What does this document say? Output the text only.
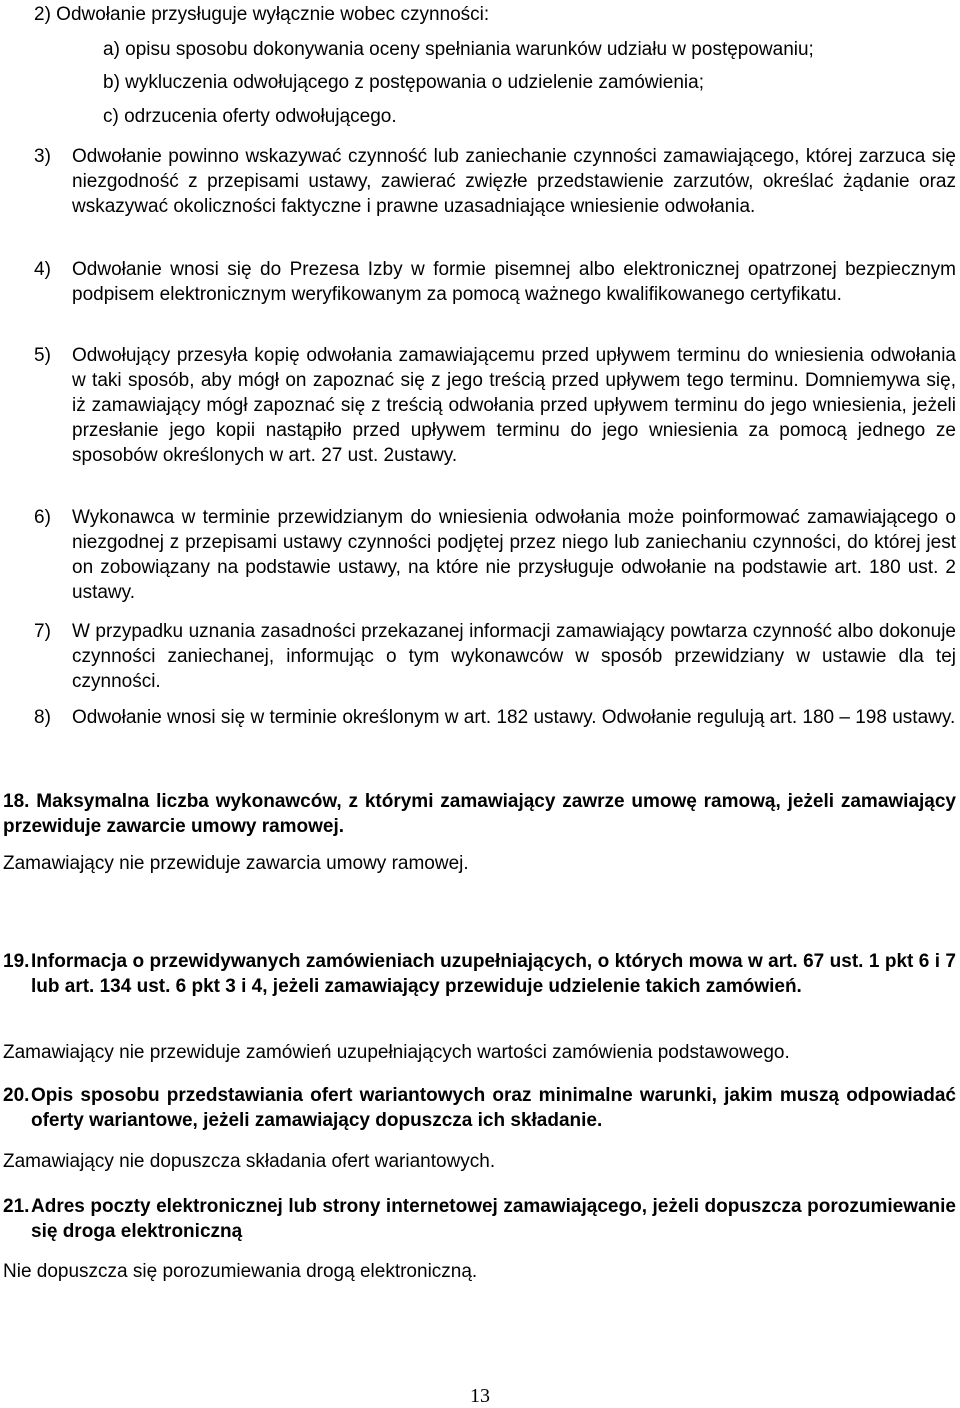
2) Odwołanie przysługuje wyłącznie wobec czynności:
a) opisu sposobu dokonywania oceny spełniania warunków udziału w postępowaniu;
b) wykluczenia odwołującego z postępowania o udzielenie zamówienia;
c) odrzucenia oferty odwołującego.
3) Odwołanie powinno wskazywać czynność lub zaniechanie czynności zamawiającego, której zarzuca się niezgodność z przepisami ustawy, zawierać zwięzłe przedstawienie zarzutów, określać żądanie oraz wskazywać okoliczności faktyczne i prawne uzasadniające wniesienie odwołania.
4) Odwołanie wnosi się do Prezesa Izby w formie pisemnej albo elektronicznej opatrzonej bezpiecznym podpisem elektronicznym weryfikowanym za pomocą ważnego kwalifikowanego certyfikatu.
5) Odwołujący przesyła kopię odwołania zamawiającemu przed upływem terminu do wniesienia odwołania w taki sposób, aby mógł on zapoznać się z jego treścią przed upływem tego terminu. Domniemywa się, iż zamawiający mógł zapoznać się z treścią odwołania przed upływem terminu do jego wniesienia, jeżeli przesłanie jego kopii nastąpiło przed upływem terminu do jego wniesienia za pomocą jednego ze sposobów określonych w art. 27 ust. 2ustawy.
6) Wykonawca w terminie przewidzianym do wniesienia odwołania może poinformować zamawiającego o niezgodnej z przepisami ustawy czynności podjętej przez niego lub zaniechaniu czynności, do której jest on zobowiązany na podstawie ustawy, na które nie przysługuje odwołanie na podstawie art. 180 ust. 2 ustawy.
7) W przypadku uznania zasadności przekazanej informacji zamawiający powtarza czynność albo dokonuje czynności zaniechanej, informując o tym wykonawców w sposób przewidziany w ustawie dla tej czynności.
8) Odwołanie wnosi się w terminie określonym w art. 182 ustawy. Odwołanie regulują art. 180 – 198 ustawy.
18. Maksymalna liczba wykonawców, z którymi zamawiający zawrze umowę ramową, jeżeli zamawiający przewiduje zawarcie umowy ramowej.
Zamawiający nie przewiduje zawarcia umowy ramowej.
19. Informacja o przewidywanych zamówieniach uzupełniających, o których mowa w art. 67 ust. 1 pkt 6 i 7 lub art. 134 ust. 6 pkt 3 i 4, jeżeli zamawiający przewiduje udzielenie takich zamówień.
Zamawiający nie przewiduje zamówień uzupełniających wartości zamówienia podstawowego.
20. Opis sposobu przedstawiania ofert wariantowych oraz minimalne warunki, jakim muszą odpowiadać oferty wariantowe, jeżeli zamawiający dopuszcza ich składanie.
Zamawiający nie dopuszcza składania ofert wariantowych.
21. Adres poczty elektronicznej lub strony internetowej zamawiającego, jeżeli dopuszcza porozumiewanie się droga elektroniczną
Nie dopuszcza się porozumiewania drogą elektroniczną.
13
